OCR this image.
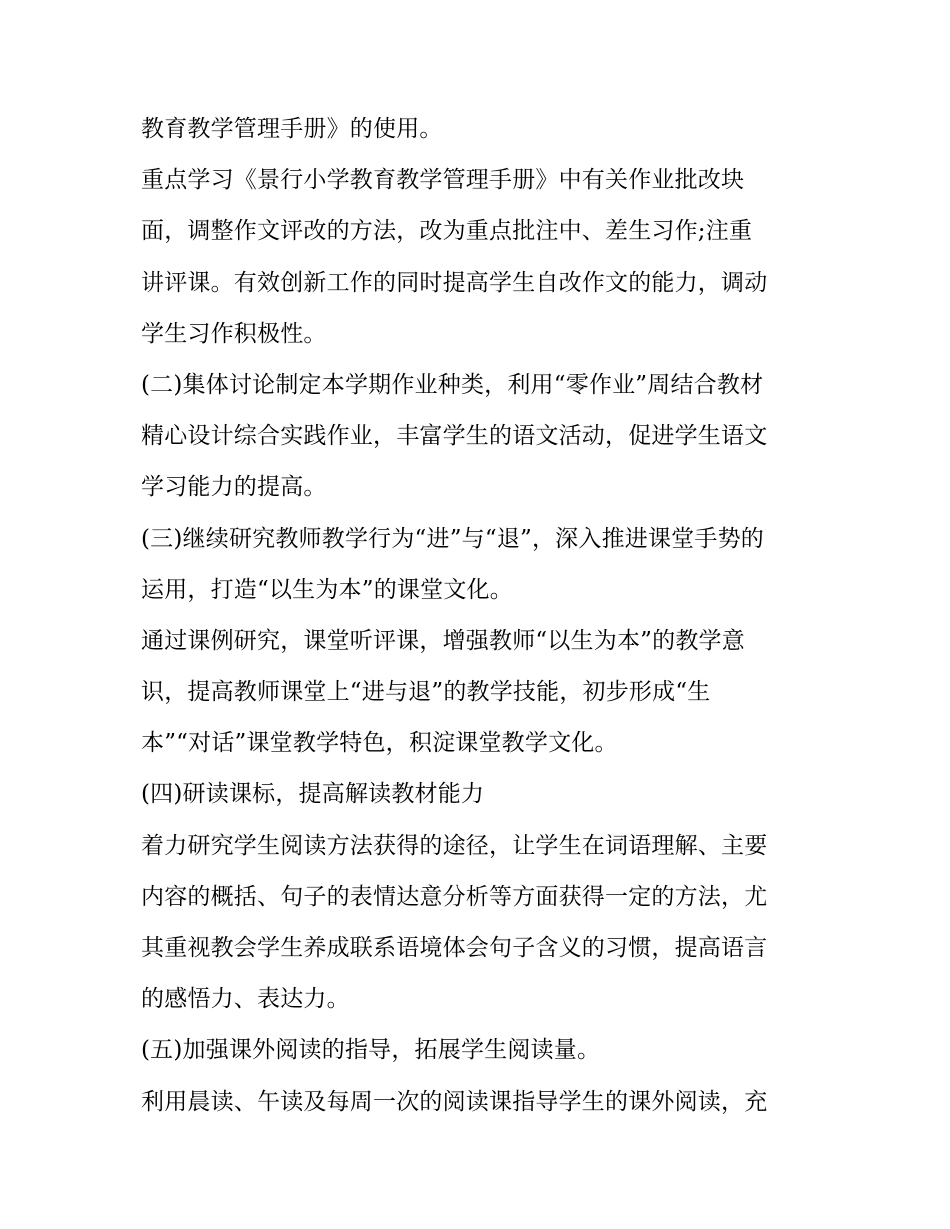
教育教学管理手册》的使用。
重点学习《景行小学教育教学管理手册》中有关作业批改块
面，调整作文评改的方法，改为重点批注中、差生习作;注重
讲评课。有效创新工作的同时提高学生自改作文的能力，调动
学生习作积极性。
(二)集体讨论制定本学期作业种类，利用“零作业”周结合教材
精心设计综合实践作业，丰富学生的语文活动，促进学生语文
学习能力的提高。
(三)继续研究教师教学行为“进”与“退”，深入推进课堂手势的
运用，打造“以生为本”的课堂文化。
通过课例研究，课堂听评课，增强教师“以生为本”的教学意
识，提高教师课堂上“进与退”的教学技能，初步形成“生
本”“对话”课堂教学特色，积淀课堂教学文化。
(四)研读课标，提高解读教材能力
着力研究学生阅读方法获得的途径，让学生在词语理解、主要
内容的概括、句子的表情达意分析等方面获得一定的方法，尤
其重视教会学生养成联系语境体会句子含义的习惯，提高语言
的感悟力、表达力。
(五)加强课外阅读的指导，拓展学生阅读量。
利用晨读、午读及每周一次的阅读课指导学生的课外阅读，充
